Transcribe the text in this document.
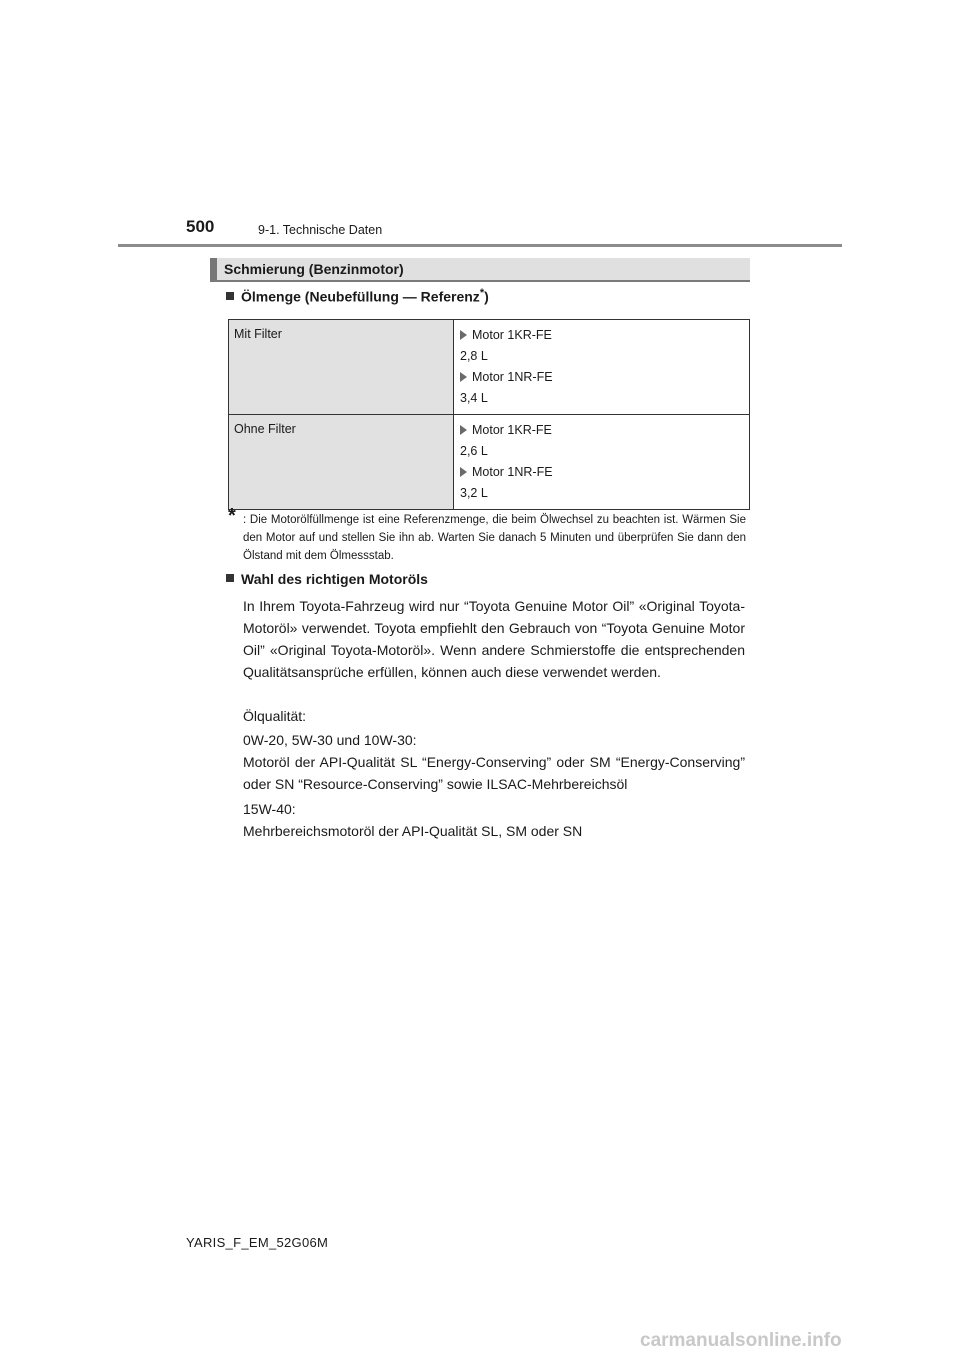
500	9-1. Technische Daten
Schmierung (Benzinmotor)
Ölmenge (Neubefüllung — Referenz*)
Mit Filter	Motor 1KR-FE
2,8 L
Motor 1NR-FE
3,4 L

Ohne Filter	Motor 1KR-FE
2,6 L
Motor 1NR-FE
3,2 L
* : Die Motorölfüllmenge ist eine Referenzmenge, die beim Ölwechsel zu beachten ist. Wärmen Sie den Motor auf und stellen Sie ihn ab. Warten Sie danach 5 Minuten und überprüfen Sie dann den Ölstand mit dem Ölmessstab.
Wahl des richtigen Motoröls
In Ihrem Toyota-Fahrzeug wird nur “Toyota Genuine Motor Oil” «Original Toyota-Motoröl» verwendet. Toyota empfiehlt den Gebrauch von “Toyota Genuine Motor Oil” «Original Toyota-Motoröl». Wenn andere Schmierstoffe die entsprechenden Qualitätsansprüche erfüllen, können auch diese verwendet werden.
Ölqualität:
0W-20, 5W-30 und 10W-30:
Motoröl der API-Qualität SL “Energy-Conserving” oder SM “Energy-Conserving” oder SN “Resource-Conserving” sowie ILSAC-Mehrbereichsöl
15W-40:
Mehrbereichsmotoröl der API-Qualität SL, SM oder SN
YARIS_F_EM_52G06M
carmanualsonline.info
